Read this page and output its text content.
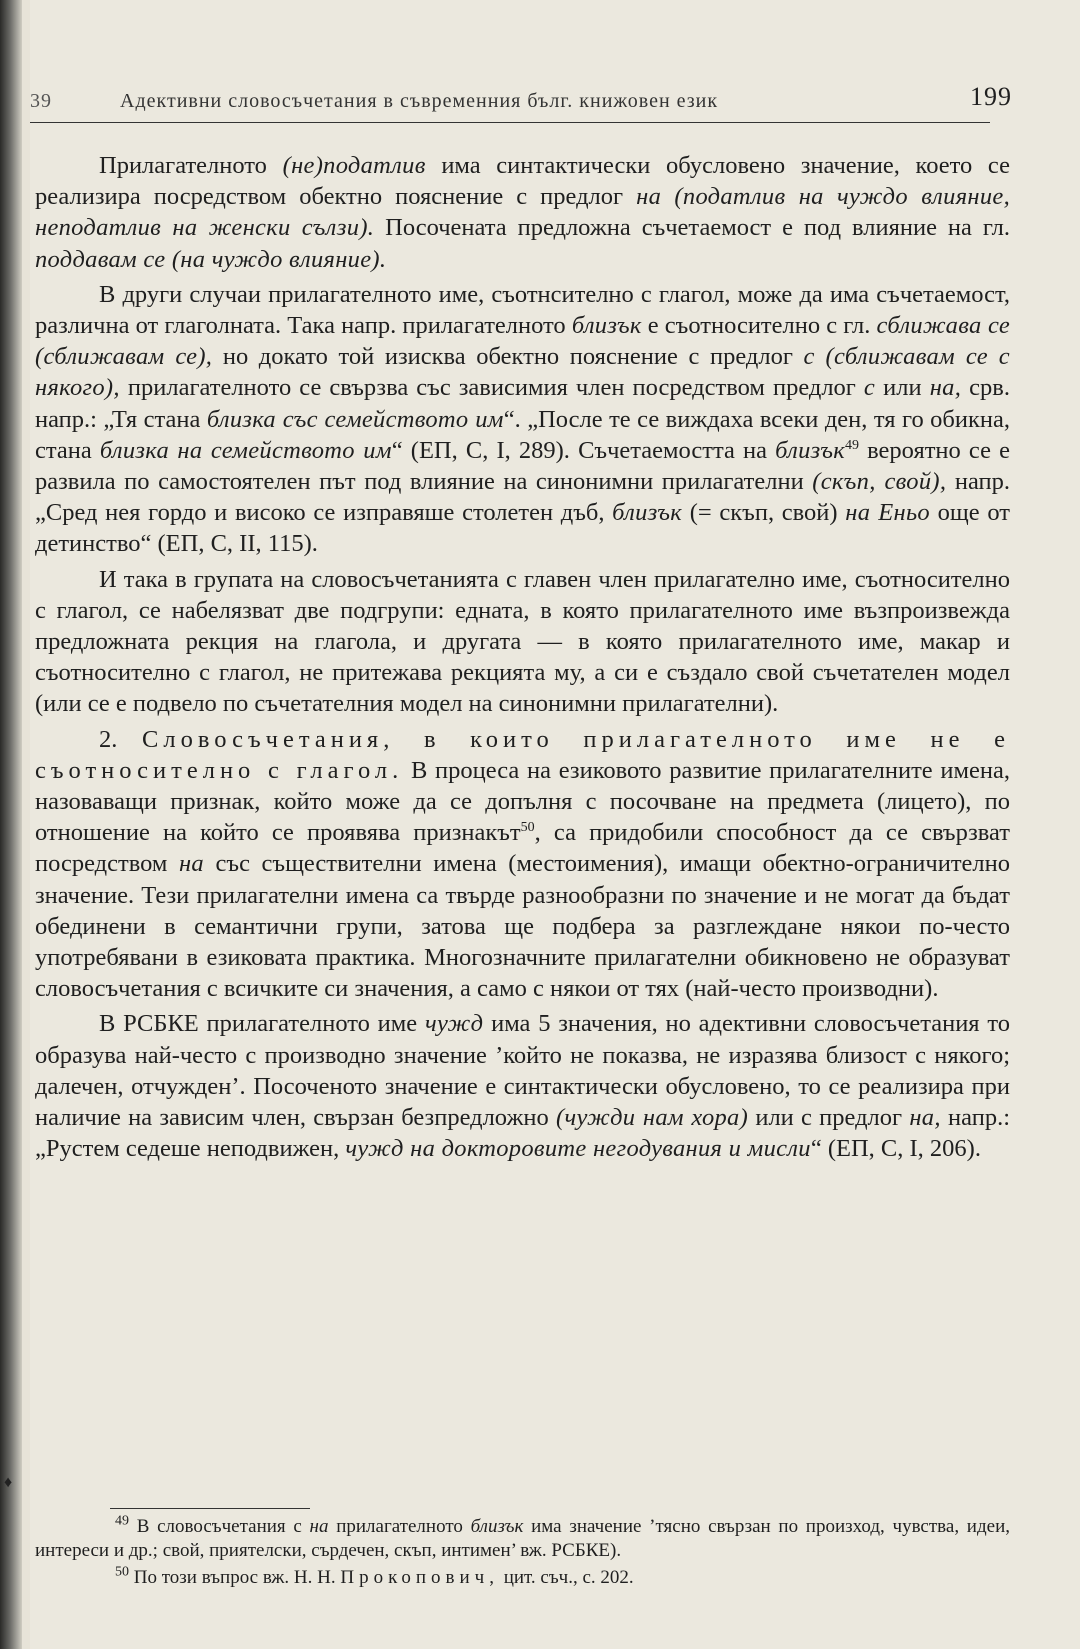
39	Адективни словосъчетания в съвременния бълг. книжовен език	199

Прилагателното (не)податлив има синтактически обусловено значение, което се реализира посредством обектно пояснение с предлог на (податлив на чуждо влияние, неподатлив на женски сълзи). Посочената предложна съчетаемост е под влияние на гл. поддавам се (на чуждо влияние).

В други случаи прилагателното име, съотнсително с глагол, може да има съчетаемост, различна от глаголната. Така напр. прилагателното близък е съотносително с гл. сближава се (сближавам се), но докато той изисква обектно пояснение с предлог с (сближавам се с някого), прилагателното се свързва със зависимия член посредством предлог с или на, срв. напр.: „Тя стана близка със семейството им“. „После те се виждаха всеки ден, тя го обикна, стана близка на семейството им“ (ЕП, С, I, 289). Съчетаемостта на близък$^{49}$ вероятно се е развила по самостоятелен път под влияние на синонимни прилагателни (скъп, свой), напр. „Сред нея гордо и високо се изправяше столетен дъб, близък (= скъп, свой) на Еньо още от детинство“ (ЕП, С, II, 115).

И така в групата на словосъчетанията с главен член прилагателно име, съотносително с глагол, се набелязват две подгрупи: едната, в която прилагателното име възпроизвежда предложната рекция на глагола, и другата — в която прилагателното име, макар и съотносително с глагол, не притежава рекцията му, а си е създало свой съчетателен модел (или се е подвело по съчетателния модел на синонимни прилагателни).

2. Словосъчетания, в които прилагателното име не е съотносително с глагол. В процеса на езиковото развитие прилагателните имена, назоваващи признак, който може да се допълня с посочване на предмета (лицето), по отношение на който се проявява признакът$^{50}$, са придобили способност да се свързват посредством на със съществителни имена (местоимения), имащи обектно-ограничително значение. Тези прилагателни имена са твърде разнообразни по значение и не могат да бъдат обединени в семантични групи, затова ще подбера за разглеждане някои по-често употребявани в езиковата практика. Многозначните прилагателни обикновено не образуват словосъчетания с всичките си значения, а само с някои от тях (най-често производни).

В РСБКЕ прилагателното име чужд има 5 значения, но адективни словосъчетания то образува най-често с производно значение ’който не показва, не изразява близост с някого; далечен, отчужден’. Посоченото значение е синтактически обусловено, то се реализира при наличие на зависим член, свързан безпредложно (чужди нам хора) или с предлог на, напр.: „Рустем седеше неподвижен, чужд на докторовите негодувания и мисли“ (ЕП, С, I, 206).

$^{49}$ В словосъчетания с на прилагателното близък има значение ’тясно свързан по произход, чувства, идеи, интереси и др.; свой, приятелски, сърдечен, скъп, интимен’ вж. РСБКЕ).

$^{50}$ По този въпрос вж. Н. Н. Прокопович, цит. съч., с. 202.

♦
